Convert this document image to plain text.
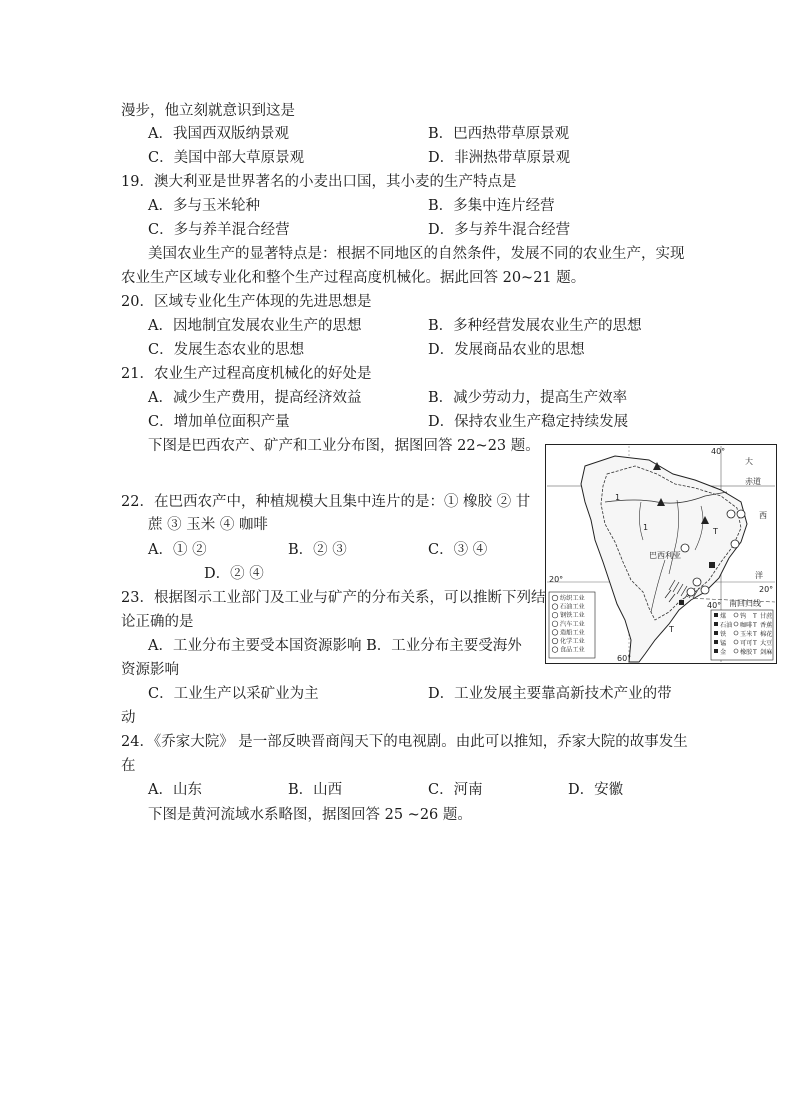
漫步，他立刻就意识到这是
A．我国西双版纳景观	B．巴西热带草原景观
C．美国中部大草原景观	D．非洲热带草原景观
19．澳大利亚是世界著名的小麦出口国，其小麦的生产特点是
A．多与玉米轮种	B．多集中连片经营
C．多与养羊混合经营	D．多与养牛混合经营
美国农业生产的显著特点是：根据不同地区的自然条件，发展不同的农业生产，实现
农业生产区域专业化和整个生产过程高度机械化。据此回答 20~21 题。
20．区域专业化生产体现的先进思想是
A．因地制宜发展农业生产的思想	B．多种经营发展农业生产的思想
C．发展生态农业的思想	D．发展商品农业的思想
21．农业生产过程高度机械化的好处是
A．减少生产费用，提高经济效益	B．减少劳动力，提高生产效率
C．增加单位面积产量	D．保持农业生产稳定持续发展
下图是巴西农产、矿产和工业分布图，据图回答 22~23 题。
22．在巴西农产中，种植规模大且集中连片的是：① 橡胶 ② 甘
蔗 ③ 玉米 ④ 咖啡
A．① ②	B．② ③	C．③ ④
D．② ④
23．根据图示工业部门及工业与矿产的分布关系，可以推断下列结
论正确的是
A．工业分布主要受本国资源影响 B．工业分布主要受海外
资源影响
C．工业生产以采矿业为主	D．工业发展主要靠高新技术产业的带
动
24．《乔家大院》 是一部反映晋商闯天下的电视剧。由此可以推知，乔家大院的故事发生
在
A．山东	B．山西	C．河南	D．安徽
下图是黄河流域水系略图，据图回答 25 ~26 题。
1
1	T
T
40°
大
赤道
西
洋
20°
20°
巴西利亚
40° 南回归线
60°
纺织工业
石油工业
钢铁工业
汽车工业
造船工业
化学工业
食品工业
煤
石油
铁
锰
金
钨
咖啡
玉米
可可
橡胶
T 甘蔗
T 香蕉
T 棉花
T 大豆
T 剑麻
